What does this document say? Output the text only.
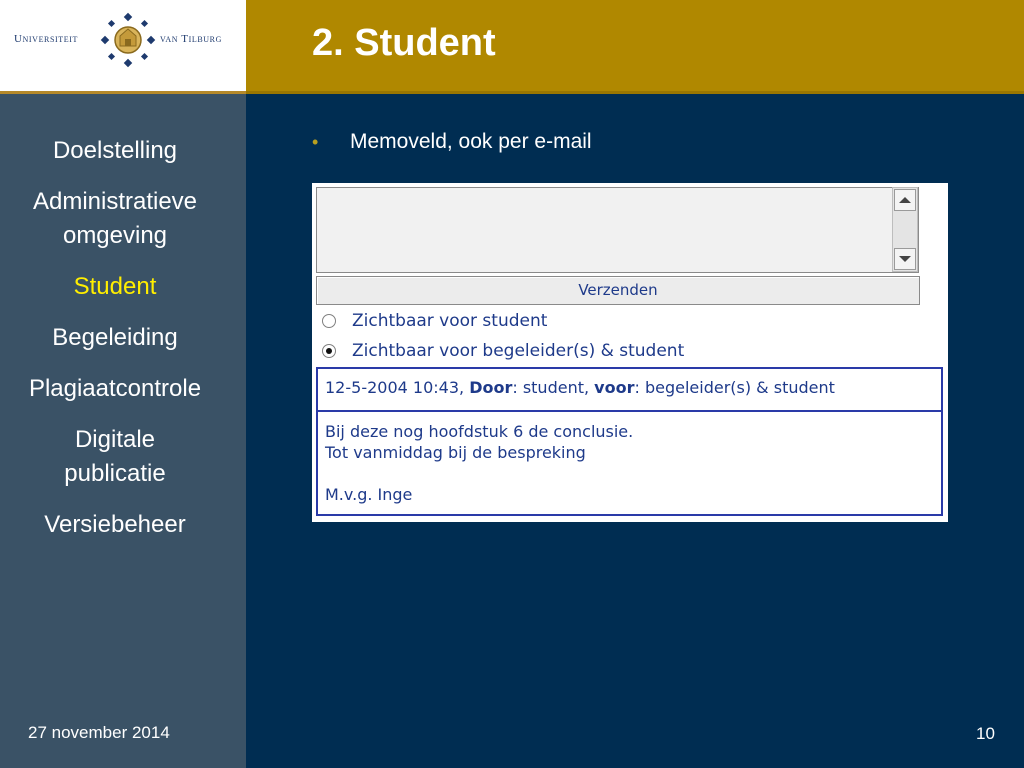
Universiteit	van Tilburg 2. Student
Doelstelling
Administratieve omgeving
Student
Begeleiding
Plagiaatcontrole
Digitale publicatie
Versiebeheer
27 november 2014
• Memoveld, ook per e-mail
Verzenden
Zichtbaar voor student
Zichtbaar voor begeleider(s) & student
12-5-2004 10:43, Door: student, voor: begeleider(s) & student
Bij deze nog hoofdstuk 6 de conclusie.
Tot vanmiddag bij de bespreking
M.v.g. Inge
10
